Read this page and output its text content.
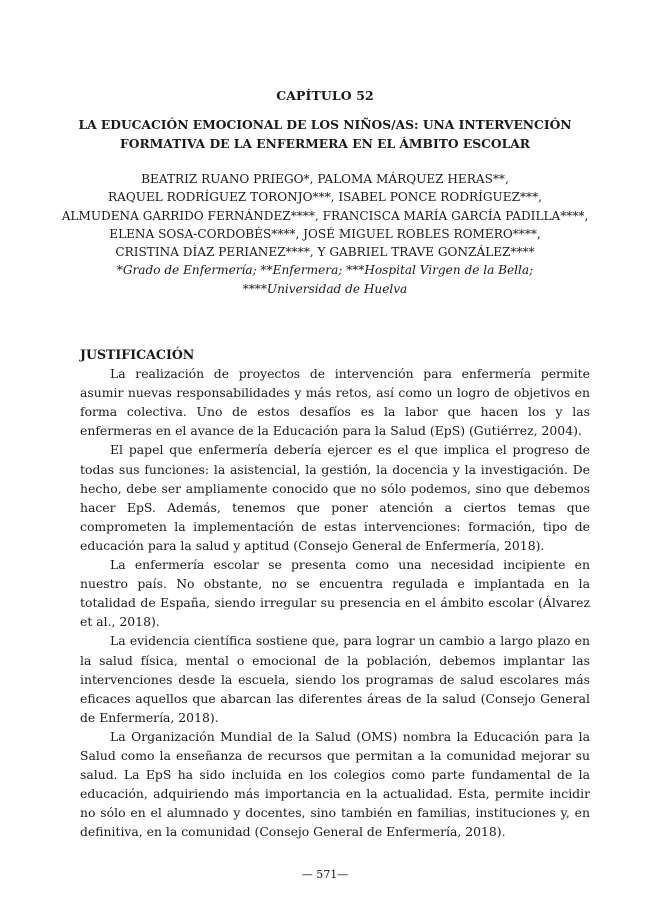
CAPÍTULO 52
LA EDUCACIÓN EMOCIONAL DE LOS NIÑOS/AS: UNA INTERVENCIÓN FORMATIVA DE LA ENFERMERA EN EL ÁMBITO ESCOLAR
BEATRIZ RUANO PRIEGO*, PALOMA MÁRQUEZ HERAS**,
RAQUEL RODRÍGUEZ TORONJO***, ISABEL PONCE RODRÍGUEZ***,
ALMUDENA GARRIDO FERNÁNDEZ****, FRANCISCA MARÍA GARCÍA PADILLA****,
ELENA SOSA-CORDOBÉS****, JOSÉ MIGUEL ROBLES ROMERO****,
CRISTINA DÍAZ PERIANEZ****, Y GABRIEL TRAVE GONZÁLEZ****
*Grado de Enfermería; **Enfermera; ***Hospital Virgen de la Bella;
****Universidad de Huelva

JUSTIFICACIÓN

La realización de proyectos de intervención para enfermería permite asumir nuevas responsabilidades y más retos, así como un logro de objetivos en forma colectiva. Uno de estos desafíos es la labor que hacen los y las enfermeras en el avance de la Educación para la Salud (EpS) (Gutiérrez, 2004).

El papel que enfermería debería ejercer es el que implica el progreso de todas sus funciones: la asistencial, la gestión, la docencia y la investigación. De hecho, debe ser ampliamente conocido que no sólo podemos, sino que debemos hacer EpS. Además, tenemos que poner atención a ciertos temas que comprometen la implementación de estas intervenciones: formación, tipo de educación para la salud y aptitud (Consejo General de Enfermería, 2018).

La enfermería escolar se presenta como una necesidad incipiente en nuestro país. No obstante, no se encuentra regulada e implantada en la totalidad de España, siendo irregular su presencia en el ámbito escolar (Álvarez et al., 2018).

La evidencia científica sostiene que, para lograr un cambio a largo plazo en la salud física, mental o emocional de la población, debemos implantar las intervenciones desde la escuela, siendo los programas de salud escolares más eficaces aquellos que abarcan las diferentes áreas de la salud (Consejo General de Enfermería, 2018).

La Organización Mundial de la Salud (OMS) nombra la Educación para la Salud como la enseñanza de recursos que permitan a la comunidad mejorar su salud. La EpS ha sido incluida en los colegios como parte fundamental de la educación, adquiriendo más importancia en la actualidad. Esta, permite incidir no sólo en el alumnado y docentes, sino también en familias, instituciones y, en definitiva, en la comunidad (Consejo General de Enfermería, 2018).

— 571—
